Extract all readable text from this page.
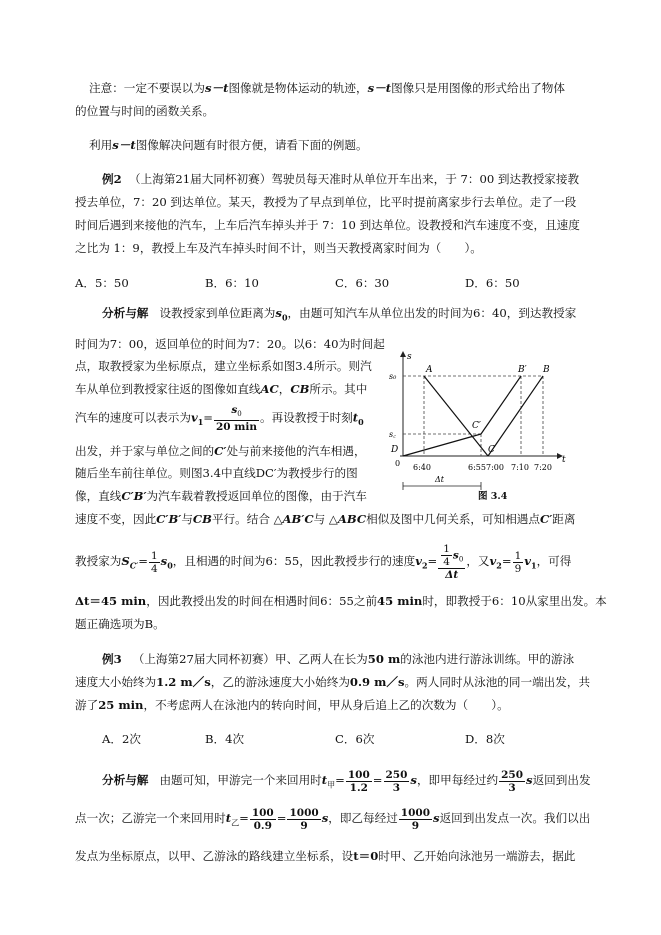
注意：一定不要误以为s－t图像就是物体运动的轨迹，s－t图像只是用图像的形式给出了物体
的位置与时间的函数关系。
利用s－t图像解决问题有时很方便，请看下面的例题。
例2 （上海第21届大同杯初赛）驾驶员每天准时从单位开车出来，于 7：00 到达教授家接教
授去单位，7：20 到达单位。某天，教授为了早点到单位，比平时提前离家步行去单位。走了一段
时间后遇到来接他的汽车，上车后汽车掉头并于 7：10 到达单位。设教授和汽车速度不变，且速度
之比为 1：9，教授上车及汽车掉头时间不计，则当天教授离家时间为（　　）。
A．5：50	B．6：10	C．6：30	D．6：50
分析与解 设教授家到单位距离为$s_0$，由题可知汽车从单位出发的时间为6：40，到达教授家
时间为7：00，返回单位的时间为7：20。以6：40为时间起
点，取教授家为坐标原点，建立坐标系如图3.4所示。则汽
车从单位到教授家往返的图像如直线AC，CB所示。其中
汽车的速度可以表示为$v_1= \frac{s_0}{20 \min}$ 。再设教授于时刻$t_0$
出发，并于家与单位之间的C′处与前来接他的汽车相遇，
随后坐车前往单位。则图3.4中直线DC′为教授步行的图
像，直线C′B′为汽车载着教授返回单位的图像，由于汽车
速度不变，因此C′B′与CB平行。结合 △AB′C与 △ABC相似及图中几何关系，可知相遇点C′距离
教授家为$S_{C'}= \frac{1}{4} s_0$，且相遇的时间为6：55，因此教授步行的速度$v_2= \frac{\frac{1}{4} s_0}{\Delta t}$ ，又$v_2= \frac{1}{9} v_1$，可得
Δt＝45 min，因此教授出发的时间在相遇时间6：55之前45 min时，即教授于6：10从家里出发。本
题正确选项为B。
例3 （上海第27届大同杯初赛）甲、乙两人在长为50 m的泳池内进行游泳训练。甲的游泳
速度大小始终为1.2 m／s，乙的游泳速度大小始终为0.9 m／s。两人同时从泳池的同一端出发，共
游了25 min，不考虑两人在泳池内的转向时间，甲从身后追上乙的次数为（　　）。
A．2次	B．4次	C．6次	D．8次
分析与解 由题可知，甲游完一个来回用时$t_甲= \frac{100}{1.2} = \frac{250}{3}$ s，即甲每经过约 $\frac{250}{3}$ s返回到出发
点一次；乙游完一个来回用时$t_乙= \frac{100}{0.9} = \frac{1000}{9}$ s，即乙每经过 $\frac{1000}{9}$ s返回到出发点一次。我们以出
发点为坐标原点，以甲、乙游泳的路线建立坐标系，设t＝0时甲、乙开始向泳池另一端游去，据此
s
t
A	B′ B
C′
C
D
s₀
s꜀
0 6:40	6:55 7:00 7:10 7:20
Δt
图 3.4
